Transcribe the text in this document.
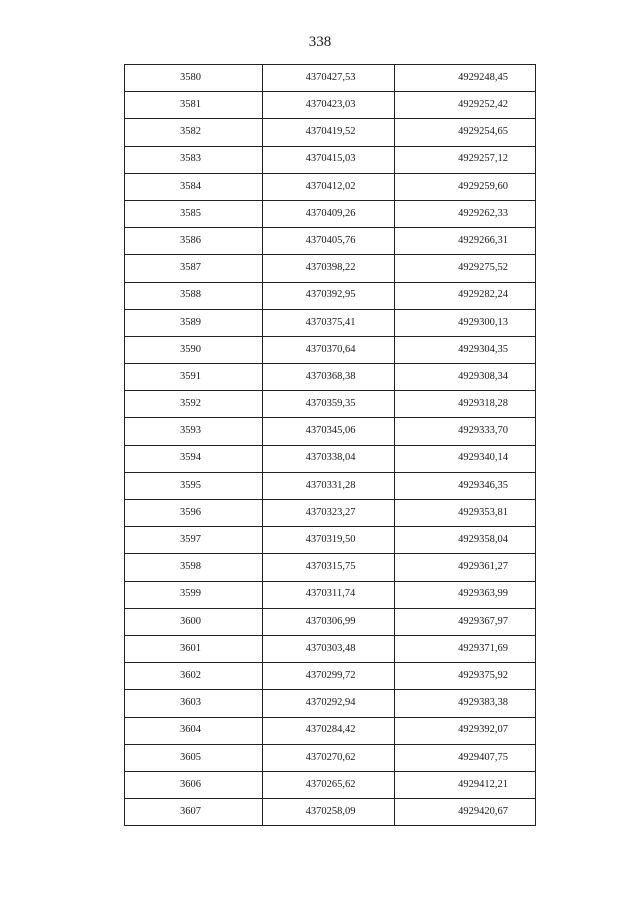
338
3580	4370427,53	4929248,45
3581	4370423,03	4929252,42
3582	4370419,52	4929254,65
3583	4370415,03	4929257,12
3584	4370412,02	4929259,60
3585	4370409,26	4929262,33
3586	4370405,76	4929266,31
3587	4370398,22	4929275,52
3588	4370392,95	4929282,24
3589	4370375,41	4929300,13
3590	4370370,64	4929304,35
3591	4370368,38	4929308,34
3592	4370359,35	4929318,28
3593	4370345,06	4929333,70
3594	4370338,04	4929340,14
3595	4370331,28	4929346,35
3596	4370323,27	4929353,81
3597	4370319,50	4929358,04
3598	4370315,75	4929361,27
3599	4370311,74	4929363,99
3600	4370306,99	4929367,97
3601	4370303,48	4929371,69
3602	4370299,72	4929375,92
3603	4370292,94	4929383,38
3604	4370284,42	4929392,07
3605	4370270,62	4929407,75
3606	4370265,62	4929412,21
3607	4370258,09	4929420,67
